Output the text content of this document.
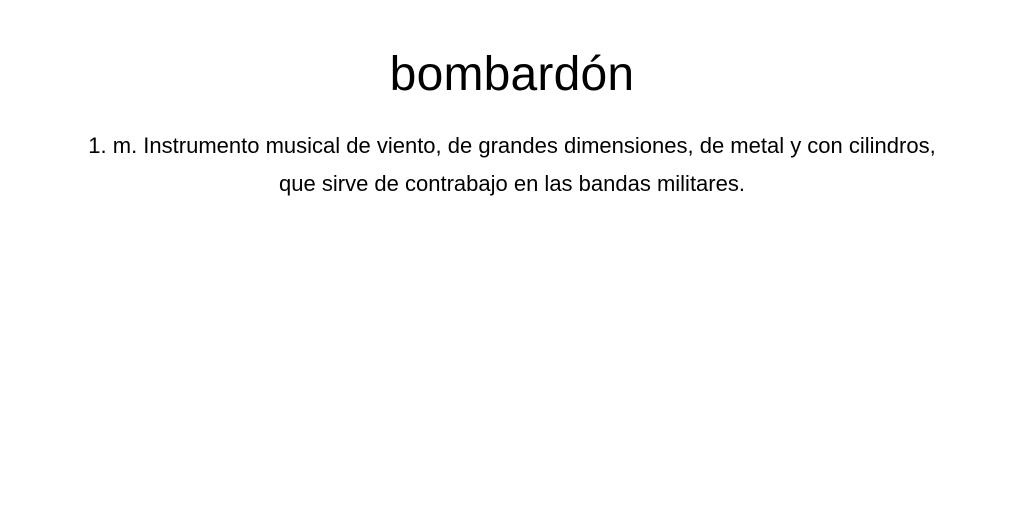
bombardón

1. m. Instrumento musical de viento, de grandes dimensiones, de metal y con cilindros, que sirve de contrabajo en las bandas militares.
